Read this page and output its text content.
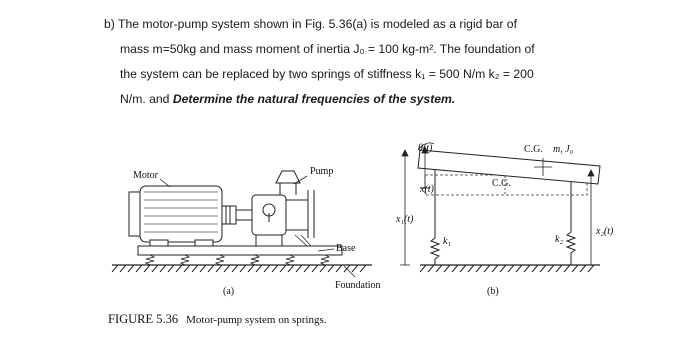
b) The motor-pump system shown in Fig. 5.36(a) is modeled as a rigid bar of
mass m=50kg and mass moment of inertia J₀ = 100 kg-m². The foundation of
the system can be replaced by two springs of stiffness k₁ = 500 N/m k₂ = 200
N/m. and Determine the natural frequencies of the system.
Motor	Pump
Base
Foundation
(a)
θ(t)
x(t)
x₁(t)
x₂(t)
C.G. m, J₀
C.G.
k₁	k₂
(b)
FIGURE 5.36 Motor-pump system on springs.
